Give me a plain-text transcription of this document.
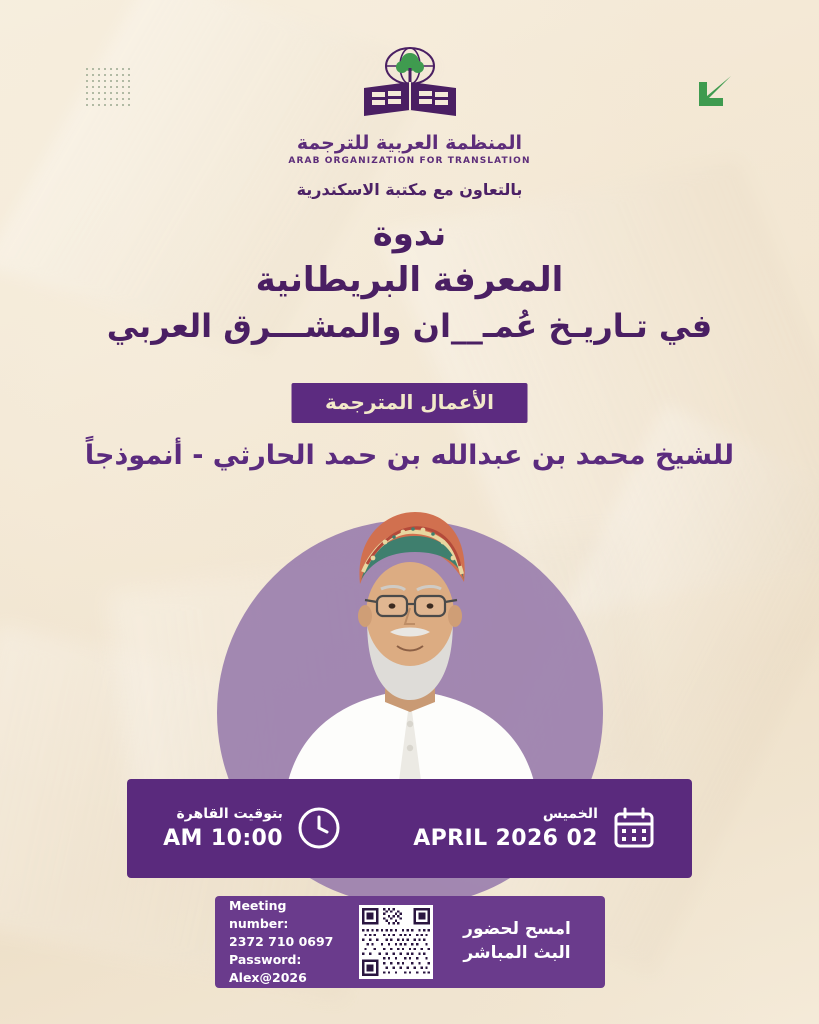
المنظمة العربية للترجمة
ARAB ORGANIZATION FOR TRANSLATION
بالتعاون مع مكتبة الاسكندرية
ندوة
المعرفة البريطانية
في تـاريـخ عُمـ__ان والمشـــرق العربي
الأعمال المترجمة
للشيخ محمد بن عبدالله بن حمد الحارثي - أنموذجاً
بتوقيت القاهرة
10:00 AM
الخميس
02 APRIL 2026
Meeting number:
2372 710 0697
Password:
Alex@2026
امسح لحضور
البث المباشر
